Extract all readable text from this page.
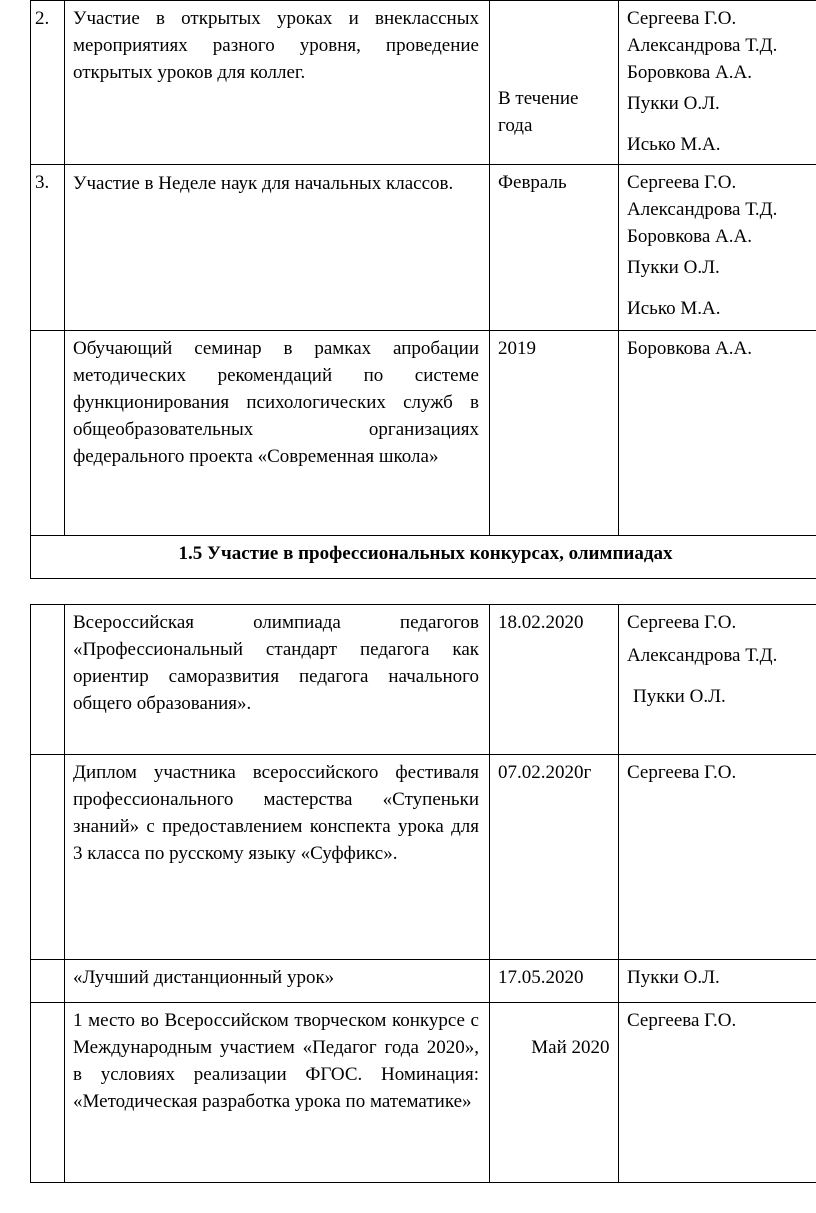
2.	Участие в открытых уроках и внеклассных мероприятиях разного уровня, проведение открытых уроков для коллег.	В течение года	Сергеева Г.О.
Александрова Т.Д.
Боровкова А.А.
Пукки О.Л.
Исько М.А.

3.	Участие в Неделе наук для начальных классов.	Февраль	Сергеева Г.О.
Александрова Т.Д.
Боровкова А.А.
Пукки О.Л.
Исько М.А.

	Обучающий семинар в рамках апробации методических рекомендаций по системе функционирования психологических служб в общеобразовательных организациях федерального проекта «Современная школа»	2019	Боровкова А.А.

1.5 Участие в профессиональных конкурсах, олимпиадах			
	Всероссийская олимпиада педагогов «Профессиональный стандарт педагога как ориентир саморазвития педагога начального общего образования».	18.02.2020	Сергеева Г.О.
Александрова Т.Д.
Пукки О.Л.

	Диплом участника всероссийского фестиваля профессионального мастерства «Ступеньки знаний» с предоставлением конспекта урока для 3 класса по русскому языку «Суффикс».	07.02.2020г	Сергеева Г.О.

	«Лучший дистанционный урок»	17.05.2020	Пукки О.Л.

	1 место во Всероссийском творческом конкурсе с Международным участием «Педагог года 2020», в условиях реализации ФГОС. Номинация: «Методическая разработка урока по математике»	Май 2020	Сергеева Г.О.
